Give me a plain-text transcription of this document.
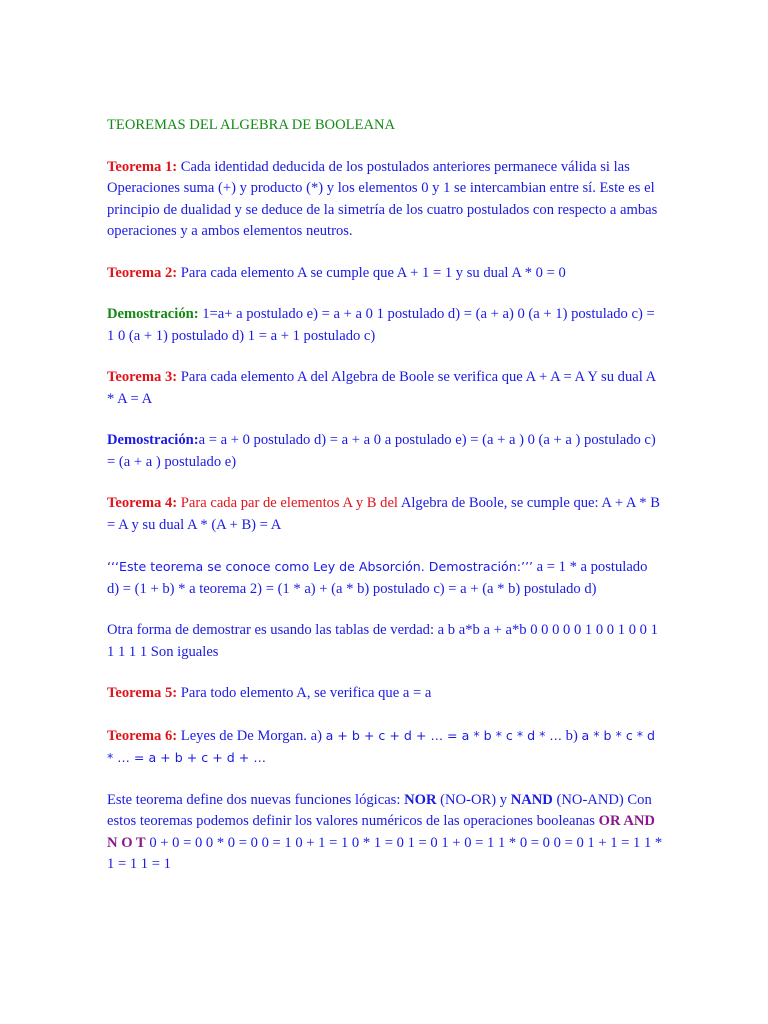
TEOREMAS DEL ALGEBRA DE BOOLEANA

Teorema 1: Cada identidad deducida de los postulados anteriores permanece válida si las Operaciones suma (+) y producto (*) y los elementos 0 y 1 se intercambian entre sí. Este es el principio de dualidad y se deduce de la simetría de los cuatro postulados con respecto a ambas operaciones y a ambos elementos neutros.

Teorema 2: Para cada elemento A se cumple que A + 1 = 1 y su dual A * 0 = 0

Demostración: 1=a+ a postulado e) = a + a 0 1 postulado d) = (a + a) 0 (a + 1) postulado c) = 1 0 (a + 1) postulado d) 1 = a + 1 postulado c)

Teorema 3: Para cada elemento A del Algebra de Boole se verifica que A + A = A Y su dual A * A = A

Demostración:a = a + 0 postulado d) = a + a 0 a postulado e) = (a + a ) 0 (a + a ) postulado c) = (a + a ) postulado e)

Teorema 4: Para cada par de elementos A y B del Algebra de Boole, se cumple que: A + A * B = A y su dual A * (A + B) = A

‘‘‘Este teorema se conoce como Ley de Absorción. Demostración:’’’ a = 1 * a postulado d) = (1 + b) * a teorema 2) = (1 * a) + (a * b) postulado c) = a + (a * b) postulado d)

Otra forma de demostrar es usando las tablas de verdad: a b a*b a + a*b 0 0 0 0 0 1 0 0 1 0 0 1 1 1 1 1 Son iguales

Teorema 5: Para todo elemento A, se verifica que a = a

Teorema 6: Leyes de De Morgan. a) a + b + c + d + … = a * b * c * d * … b) a * b * c * d * … = a + b + c + d + …

Este teorema define dos nuevas funciones lógicas: NOR (NO-OR) y NAND (NO-AND) Con estos teoremas podemos definir los valores numéricos de las operaciones booleanas OR AND N O T 0 + 0 = 0 0 * 0 = 0 0 = 1 0 + 1 = 1 0 * 1 = 0 1 = 0 1 + 0 = 1 1 * 0 = 0 0 = 0 1 + 1 = 1 1 * 1 = 1 1 = 1
